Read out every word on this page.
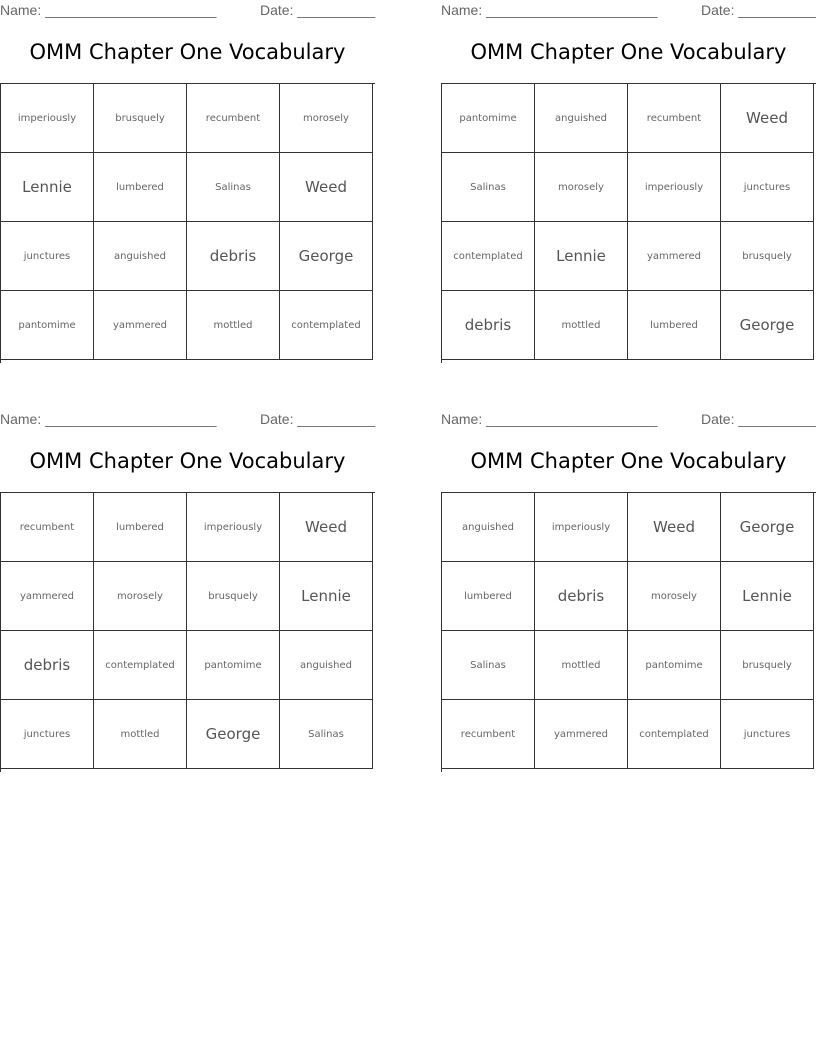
Name: ______________________	Date: __________
OMM Chapter One Vocabulary
imperiously	brusquely	recumbent	morosely
Lennie	lumbered	Salinas	Weed
junctures	anguished	debris	George
pantomime	yammered	mottled	contemplated
Name: ______________________	Date: __________
OMM Chapter One Vocabulary
pantomime	anguished	recumbent	Weed
Salinas	morosely	imperiously	junctures
contemplated	Lennie	yammered	brusquely
debris	mottled	lumbered	George
Name: ______________________	Date: __________
OMM Chapter One Vocabulary
recumbent	lumbered	imperiously	Weed
yammered	morosely	brusquely	Lennie
debris	contemplated	pantomime	anguished
junctures	mottled	George	Salinas
Name: ______________________	Date: __________
OMM Chapter One Vocabulary
anguished	imperiously	Weed	George
lumbered	debris	morosely	Lennie
Salinas	mottled	pantomime	brusquely
recumbent	yammered	contemplated	junctures
